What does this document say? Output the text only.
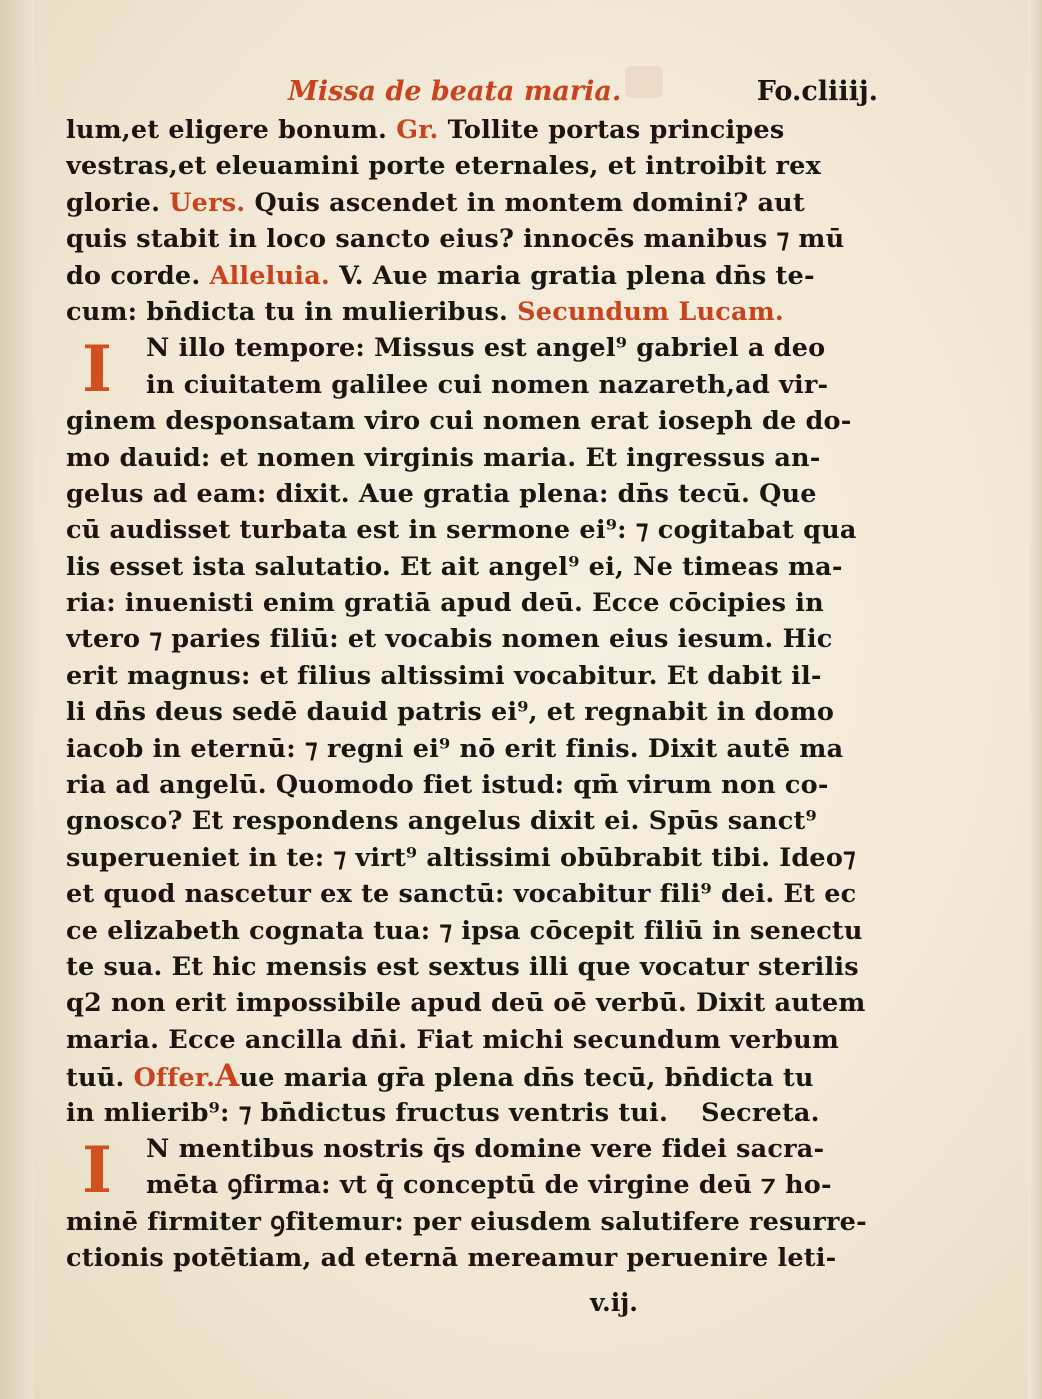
Missa de beata maria.	Fo.cliiij.
lum,et eligere bonum. Gr. Tollite portas principes
vestras,et eleuamini porte eternales, et introibit rex
glorie. Uers. Quis ascendet in montem domini? aut
quis stabit in loco sancto eius? innocēs manibus ⁊ mū
do corde. Alleluia. V. Aue maria gratia plena dn̄s te-
cum: bn̄dicta tu in mulieribus. Secundum Lucam.
I	N illo tempore: Missus est angel⁹ gabriel a deo
in ciuitatem galilee cui nomen nazareth,ad vir-
ginem desponsatam viro cui nomen erat ioseph de do-
mo dauid: et nomen virginis maria. Et ingressus an-
gelus ad eam: dixit. Aue gratia plena: dn̄s tecū. Que
cū audisset turbata est in sermone ei⁹: ⁊ cogitabat qua
lis esset ista salutatio. Et ait angel⁹ ei, Ne timeas ma-
ria: inuenisti enim gratiā apud deū. Ecce cōcipies in
vtero ⁊ paries filiū: et vocabis nomen eius iesum. Hic
erit magnus: et filius altissimi vocabitur. Et dabit il-
li dn̄s deus sedē dauid patris ei⁹, et regnabit in domo
iacob in eternū: ⁊ regni ei⁹ nō erit finis. Dixit autē ma
ria ad angelū. Quomodo fiet istud: qm̄ virum non co-
gnosco? Et respondens angelus dixit ei. Spūs sanct⁹
superueniet in te: ⁊ virt⁹ altissimi obūbrabit tibi. Ideo⁊
et quod nascetur ex te sanctū: vocabitur fili⁹ dei. Et ec
ce elizabeth cognata tua: ⁊ ipsa cōcepit filiū in senectu
te sua. Et hic mensis est sextus illi que vocatur sterilis
q2 non erit impossibile apud deū oē verbū. Dixit autem
maria. Ecce ancilla dn̄i. Fiat michi secundum verbum
tuū. Offer.Aue maria gr̄a plena dn̄s tecū, bn̄dicta tu
in mlierib⁹: ⁊ bn̄dictus fructus ventris tui. Secreta.
I	N mentibus nostris q̄s domine vere fidei sacra-
mēta ꝯfirma: vt q̄ conceptū de virgine deū ⁊ ho-
minē firmiter ꝯfitemur: per eiusdem salutifere resurre-
ctionis potētiam, ad eternā mereamur peruenire leti-
v.ij.
